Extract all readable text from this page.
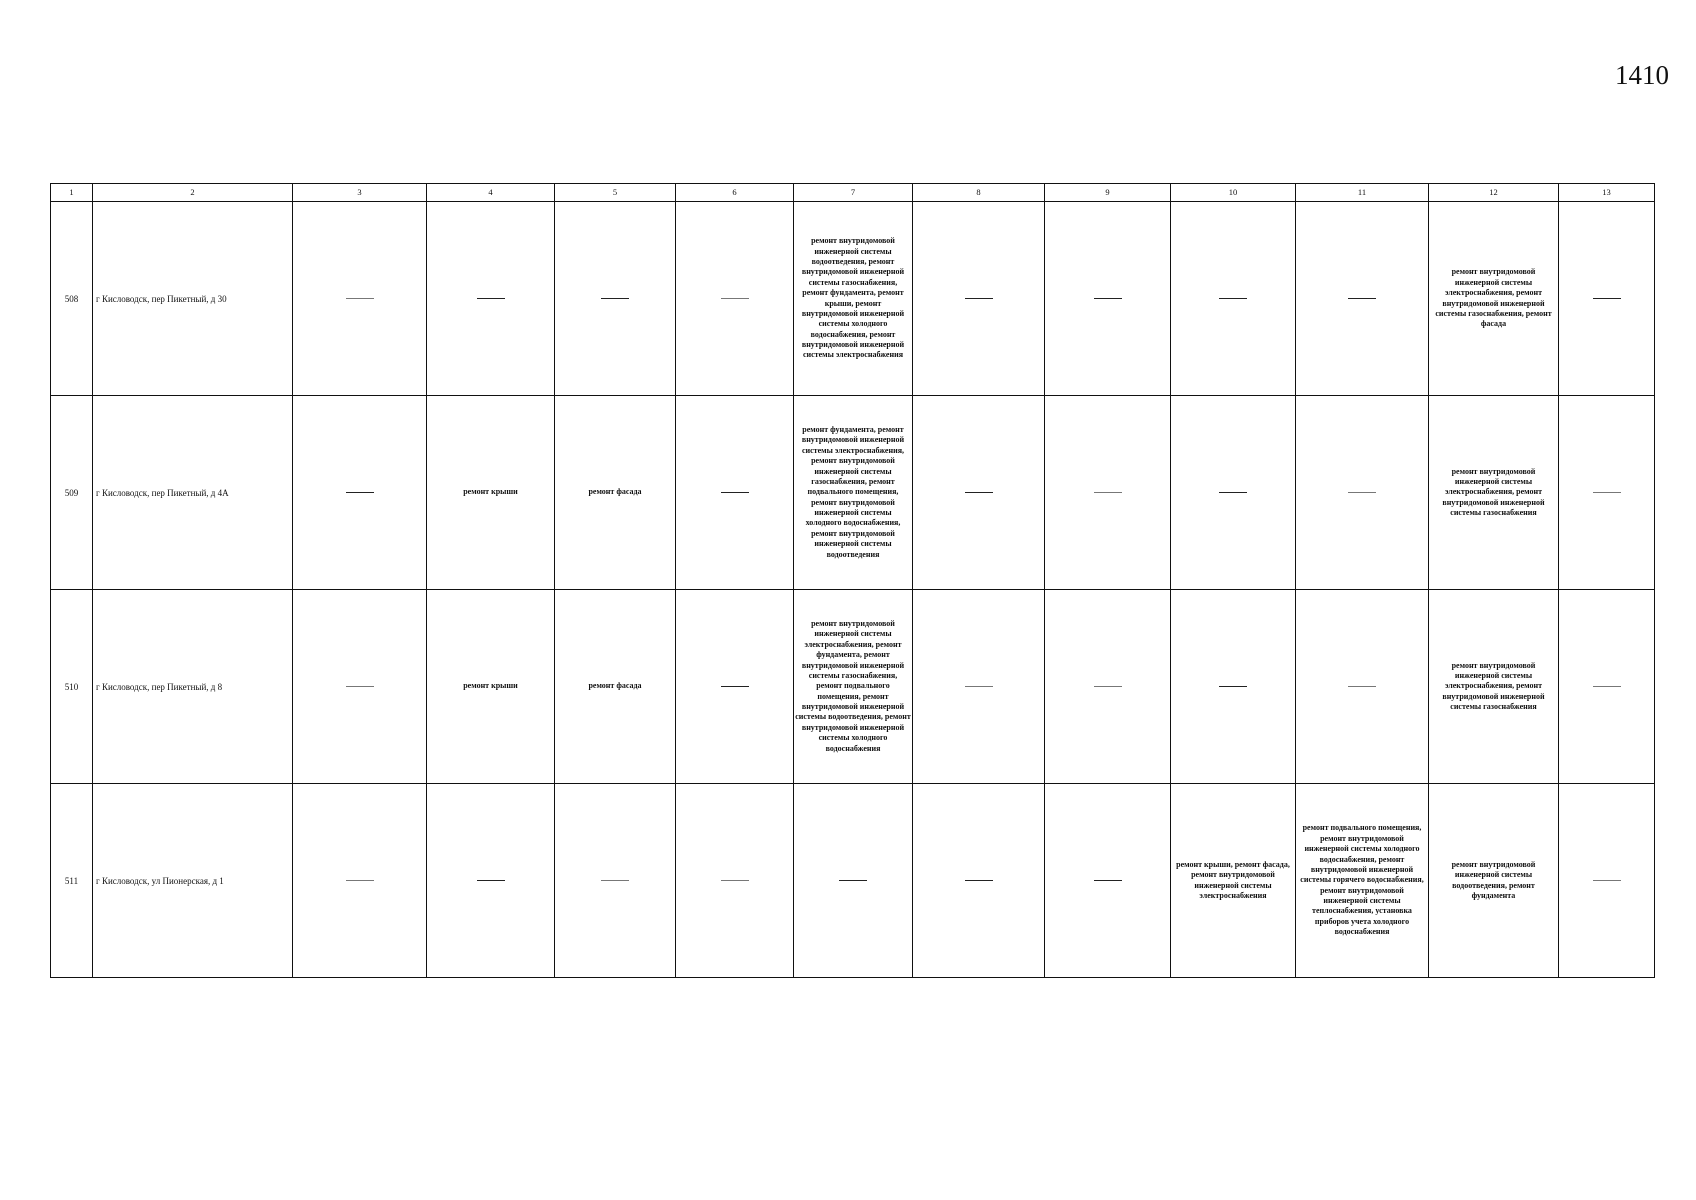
1410
1	2	3	4	5	6	7	8	9	10	11	12	13
508	г Кисловодск, пер Пикетный, д 30					ремонт внутридомовой инженерной системы водоотведения, ремонт внутридомовой инженерной системы газоснабжения, ремонт фундамента, ремонт крыши, ремонт внутридомовой инженерной системы холодного водоснабжения, ремонт внутридомовой инженерной системы электроснабжения					ремонт внутридомовой инженерной системы электроснабжения, ремонт внутридомовой инженерной системы газоснабжения, ремонт фасада	
509	г Кисловодск, пер Пикетный, д 4А		ремонт крыши	ремонт фасада		ремонт фундамента, ремонт внутридомовой инженерной системы электроснабжения, ремонт внутридомовой инженерной системы газоснабжения, ремонт подвального помещения, ремонт внутридомовой инженерной системы холодного водоснабжения, ремонт внутридомовой инженерной системы водоотведения					ремонт внутридомовой инженерной системы электроснабжения, ремонт внутридомовой инженерной системы газоснабжения	
510	г Кисловодск, пер Пикетный, д 8		ремонт крыши	ремонт фасада		ремонт внутридомовой инженерной системы электроснабжения, ремонт фундамента, ремонт внутридомовой инженерной системы газоснабжения, ремонт подвального помещения, ремонт внутридомовой инженерной системы водоотведения, ремонт внутридомовой инженерной системы холодного водоснабжения					ремонт внутридомовой инженерной системы электроснабжения, ремонт внутридомовой инженерной системы газоснабжения	
511	г Кисловодск, ул Пионерская, д 1								ремонт крыши, ремонт фасада, ремонт внутридомовой инженерной системы электроснабжения	ремонт подвального помещения, ремонт внутридомовой инженерной системы холодного водоснабжения, ремонт внутридомовой инженерной системы горячего водоснабжения, ремонт внутридомовой инженерной системы теплоснабжения, установка приборов учета холодного водоснабжения	ремонт внутридомовой инженерной системы водоотведения, ремонт фундамента	
